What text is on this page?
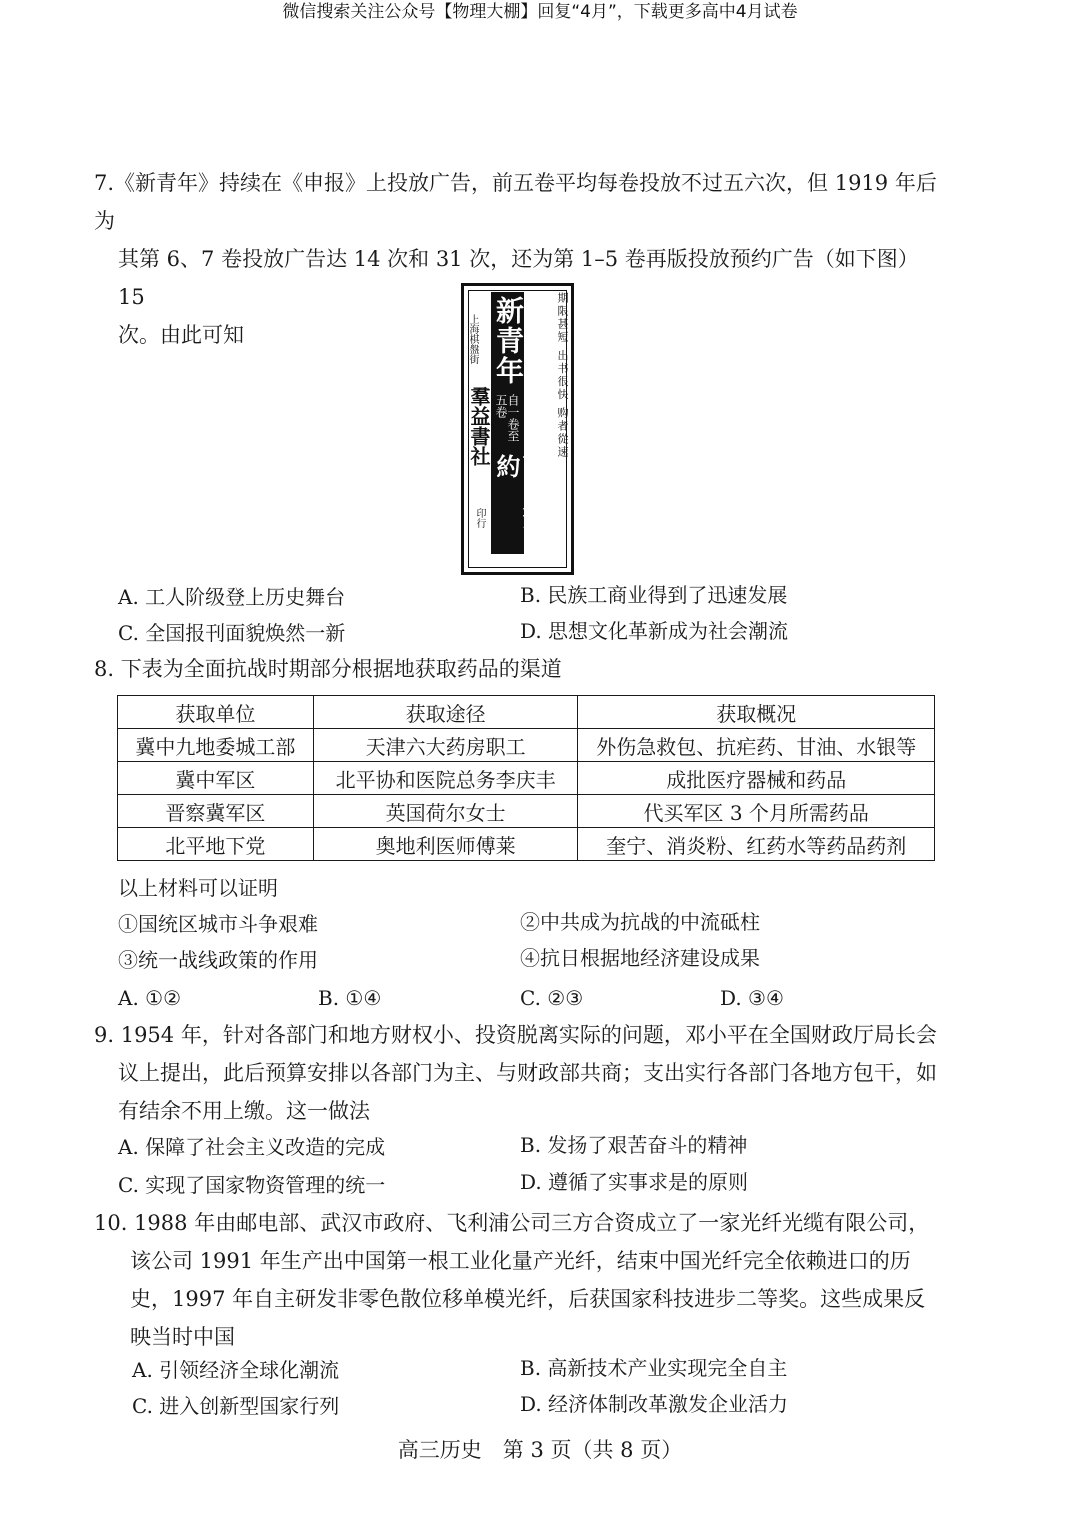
微信搜索关注公众号【物理大棚】回复“4月”，下载更多高中4月试卷

7.《新青年》持续在《申报》上投放广告，前五卷平均每卷投放不过五六次，但 1919 年后为

其第 6、7 卷投放广告达 14 次和 31 次，还为第 1–5 卷再版投放预约广告（如下图）15

次。由此可知	上海棋盤街
羣益書社
印行
新青年
自一卷至五卷
可以预約
期限甚短 出书很快 购者從速
A. 工人阶级登上历史舞台	B. 民族工商业得到了迅速发展
C. 全国报刊面貌焕然一新	D. 思想文化革新成为社会潮流
8. 下表为全面抗战时期部分根据地获取药品的渠道
获取单位	获取途径	获取概况
冀中九地委城工部	天津六大药房职工	外伤急救包、抗疟药、甘油、水银等
冀中军区	北平协和医院总务李庆丰	成批医疗器械和药品
晋察冀军区	英国荷尔女士	代买军区 3 个月所需药品
北平地下党	奥地利医师傅莱	奎宁、消炎粉、红药水等药品药剂
以上材料可以证明
①国统区城市斗争艰难	②中共成为抗战的中流砥柱
③统一战线政策的作用	④抗日根据地经济建设成果
A. ①②	B. ①④	C. ②③	D. ③④

9. 1954 年，针对各部门和地方财权小、投资脱离实际的问题，邓小平在全国财政厅局长会

议上提出，此后预算安排以各部门为主、与财政部共商；支出实行各部门各地方包干，如

有结余不用上缴。这一做法

A. 保障了社会主义改造的完成	B. 发扬了艰苦奋斗的精神
C. 实现了国家物资管理的统一	D. 遵循了实事求是的原则

10. 1988 年由邮电部、武汉市政府、飞利浦公司三方合资成立了一家光纤光缆有限公司，

该公司 1991 年生产出中国第一根工业化量产光纤，结束中国光纤完全依赖进口的历

史，1997 年自主研发非零色散位移单模光纤，后获国家科技进步二等奖。这些成果反

映当时中国

A. 引领经济全球化潮流	B. 高新技术产业实现完全自主
C. 进入创新型国家行列	D. 经济体制改革激发企业活力
高三历史　第 3 页（共 8 页）
